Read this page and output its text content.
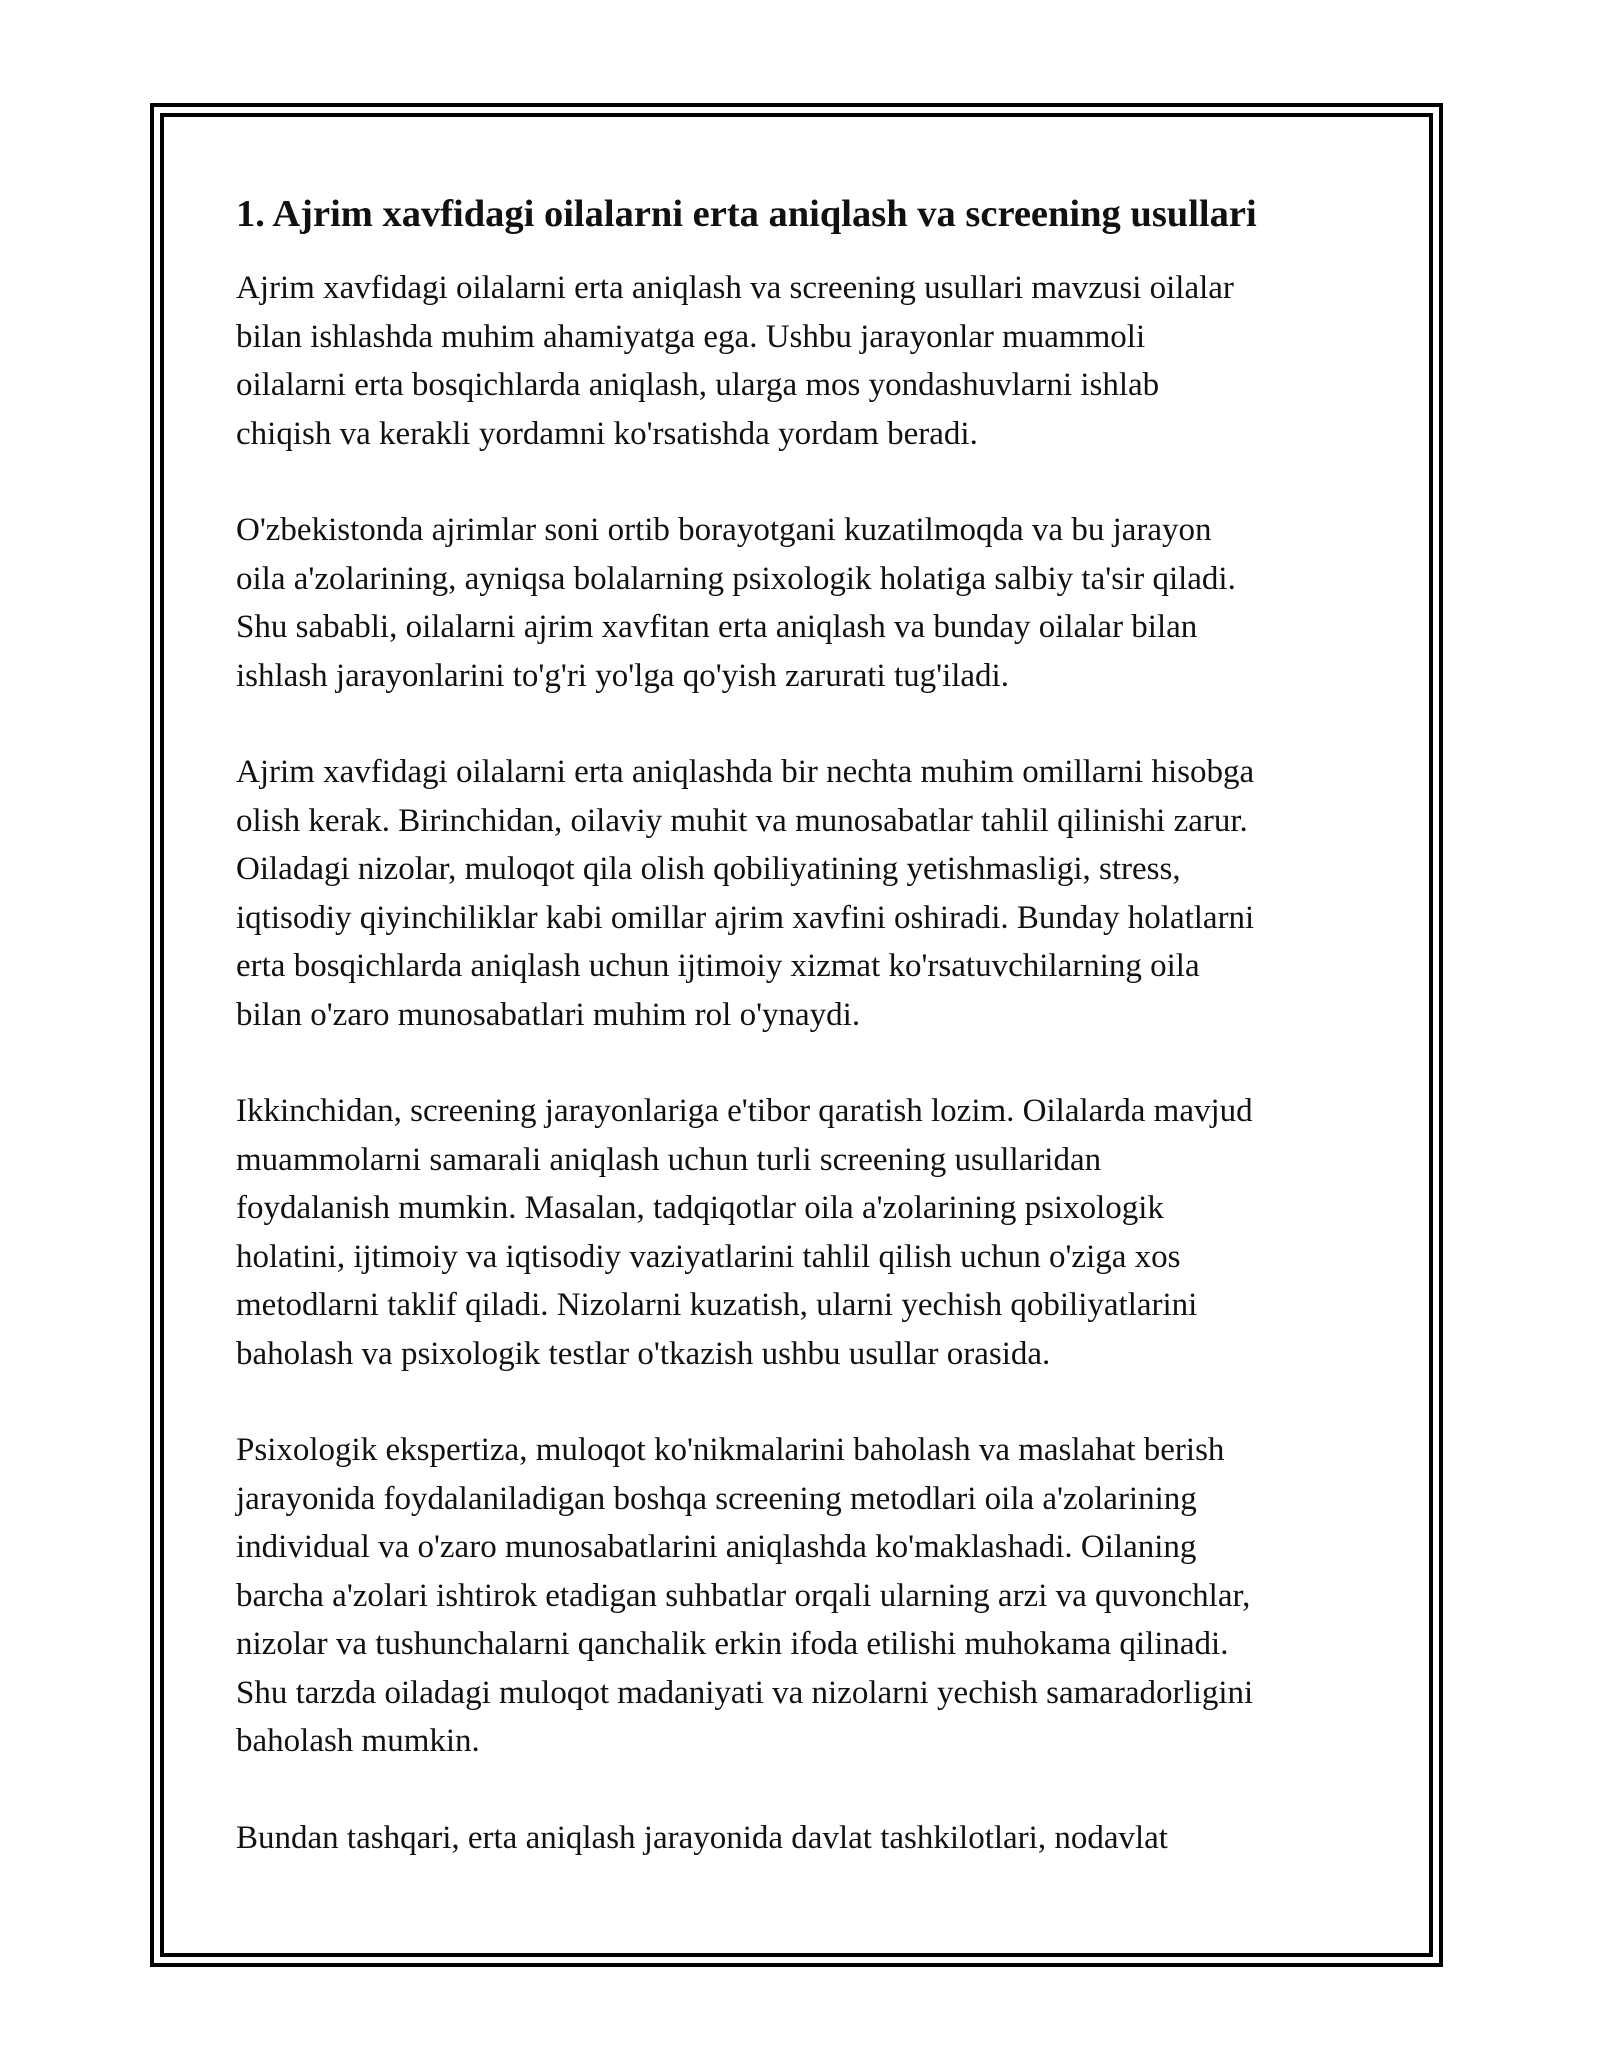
1. Ajrim xavfidagi oilalarni erta aniqlash va screening usullari

Ajrim xavfidagi oilalarni erta aniqlash va screening usullari mavzusi oilalar
bilan ishlashda muhim ahamiyatga ega. Ushbu jarayonlar muammoli
oilalarni erta bosqichlarda aniqlash, ularga mos yondashuvlarni ishlab
chiqish va kerakli yordamni ko'rsatishda yordam beradi.

O'zbekistonda ajrimlar soni ortib borayotgani kuzatilmoqda va bu jarayon
oila a'zolarining, ayniqsa bolalarning psixologik holatiga salbiy ta'sir qiladi.
Shu sababli, oilalarni ajrim xavfitan erta aniqlash va bunday oilalar bilan
ishlash jarayonlarini to'g'ri yo'lga qo'yish zarurati tug'iladi.

Ajrim xavfidagi oilalarni erta aniqlashda bir nechta muhim omillarni hisobga
olish kerak. Birinchidan, oilaviy muhit va munosabatlar tahlil qilinishi zarur.
Oiladagi nizolar, muloqot qila olish qobiliyatining yetishmasligi, stress,
iqtisodiy qiyinchiliklar kabi omillar ajrim xavfini oshiradi. Bunday holatlarni
erta bosqichlarda aniqlash uchun ijtimoiy xizmat ko'rsatuvchilarning oila
bilan o'zaro munosabatlari muhim rol o'ynaydi.

Ikkinchidan, screening jarayonlariga e'tibor qaratish lozim. Oilalarda mavjud
muammolarni samarali aniqlash uchun turli screening usullaridan
foydalanish mumkin. Masalan, tadqiqotlar oila a'zolarining psixologik
holatini, ijtimoiy va iqtisodiy vaziyatlarini tahlil qilish uchun o'ziga xos
metodlarni taklif qiladi. Nizolarni kuzatish, ularni yechish qobiliyatlarini
baholash va psixologik testlar o'tkazish ushbu usullar orasida.

Psixologik ekspertiza, muloqot ko'nikmalarini baholash va maslahat berish
jarayonida foydalaniladigan boshqa screening metodlari oila a'zolarining
individual va o'zaro munosabatlarini aniqlashda ko'maklashadi. Oilaning
barcha a'zolari ishtirok etadigan suhbatlar orqali ularning arzi va quvonchlar,
nizolar va tushunchalarni qanchalik erkin ifoda etilishi muhokama qilinadi.
Shu tarzda oiladagi muloqot madaniyati va nizolarni yechish samaradorligini
baholash mumkin.

Bundan tashqari, erta aniqlash jarayonida davlat tashkilotlari, nodavlat
